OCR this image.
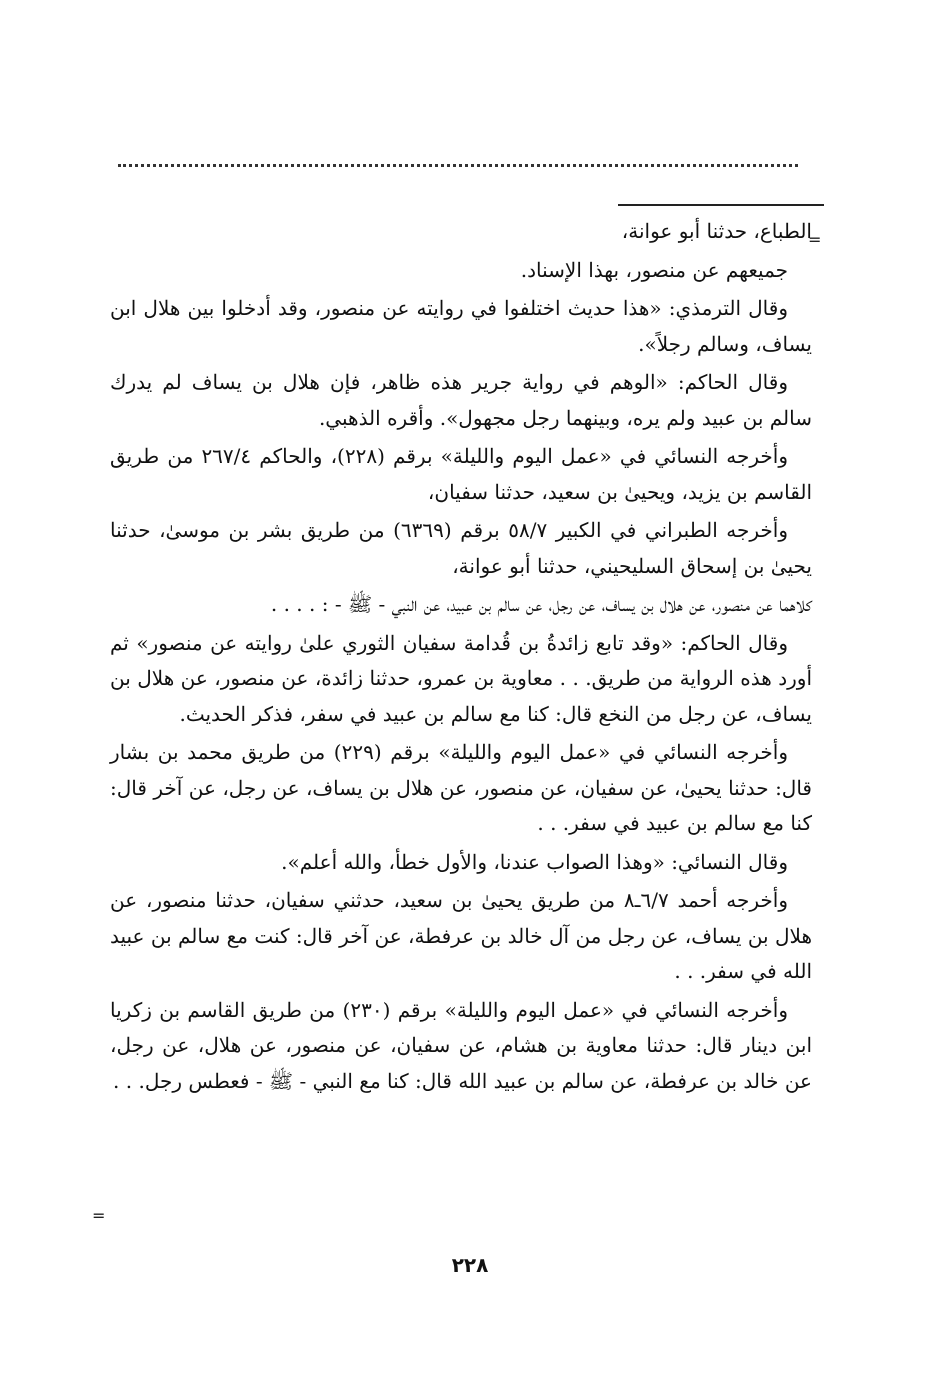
=

الطباع، حدثنا أبو عوانة،

جميعهم عن منصور، بهذا الإسناد.

وقال الترمذي: «هذا حديث اختلفوا في روايته عن منصور، وقد أدخلوا بين هلال ابن يساف، وسالم رجلاً».

وقال الحاكم: «الوهم في رواية جرير هذه ظاهر، فإن هلال بن يساف لم يدرك سالم بن عبيد ولم يره، وبينهما رجل مجهول». وأقره الذهبي.

وأخرجه النسائي في «عمل اليوم والليلة» برقم (٢٢٨)، والحاكم ٢٦٧/٤ من طريق القاسم بن يزيد، ويحيىٰ بن سعيد، حدثنا سفيان،

وأخرجه الطبراني في الكبير ٥٨/٧ برقم (٦٣٦٩) من طريق بشر بن موسىٰ، حدثنا يحيىٰ بن إسحاق السليحيني، حدثنا أبو عوانة،

كلاهما عن منصور، عن هلال بن يساف، عن رجل، عن سالم بن عبيد، عن النبي - ﷺ - : . . . .

وقال الحاكم: «وقد تابع زائدةُ بن قُدامة سفيان الثوري علىٰ روايته عن منصور» ثم أورد هذه الرواية من طريق. . . معاوية بن عمرو، حدثنا زائدة، عن منصور، عن هلال بن يساف، عن رجل من النخع قال: كنا مع سالم بن عبيد في سفر، فذكر الحديث.

وأخرجه النسائي في «عمل اليوم والليلة» برقم (٢٢٩) من طريق محمد بن بشار قال: حدثنا يحيىٰ، عن سفيان، عن منصور، عن هلال بن يساف، عن رجل، عن آخر قال: كنا مع سالم بن عبيد في سفر. . .

وقال النسائي: «وهذا الصواب عندنا، والأول خطأ، والله أعلم».

وأخرجه أحمد ٦/٧ـ٨ من طريق يحيىٰ بن سعيد، حدثني سفيان، حدثنا منصور، عن هلال بن يساف، عن رجل من آل خالد بن عرفطة، عن آخر قال: كنت مع سالم بن عبيد الله في سفر. . .

وأخرجه النسائي في «عمل اليوم والليلة» برقم (٢٣٠) من طريق القاسم بن زكريا ابن دينار قال: حدثنا معاوية بن هشام، عن سفيان، عن منصور، عن هلال، عن رجل، عن خالد بن عرفطة، عن سالم بن عبيد الله قال: كنا مع النبي - ﷺ - فعطس رجل. . .

=
٢٢٨
